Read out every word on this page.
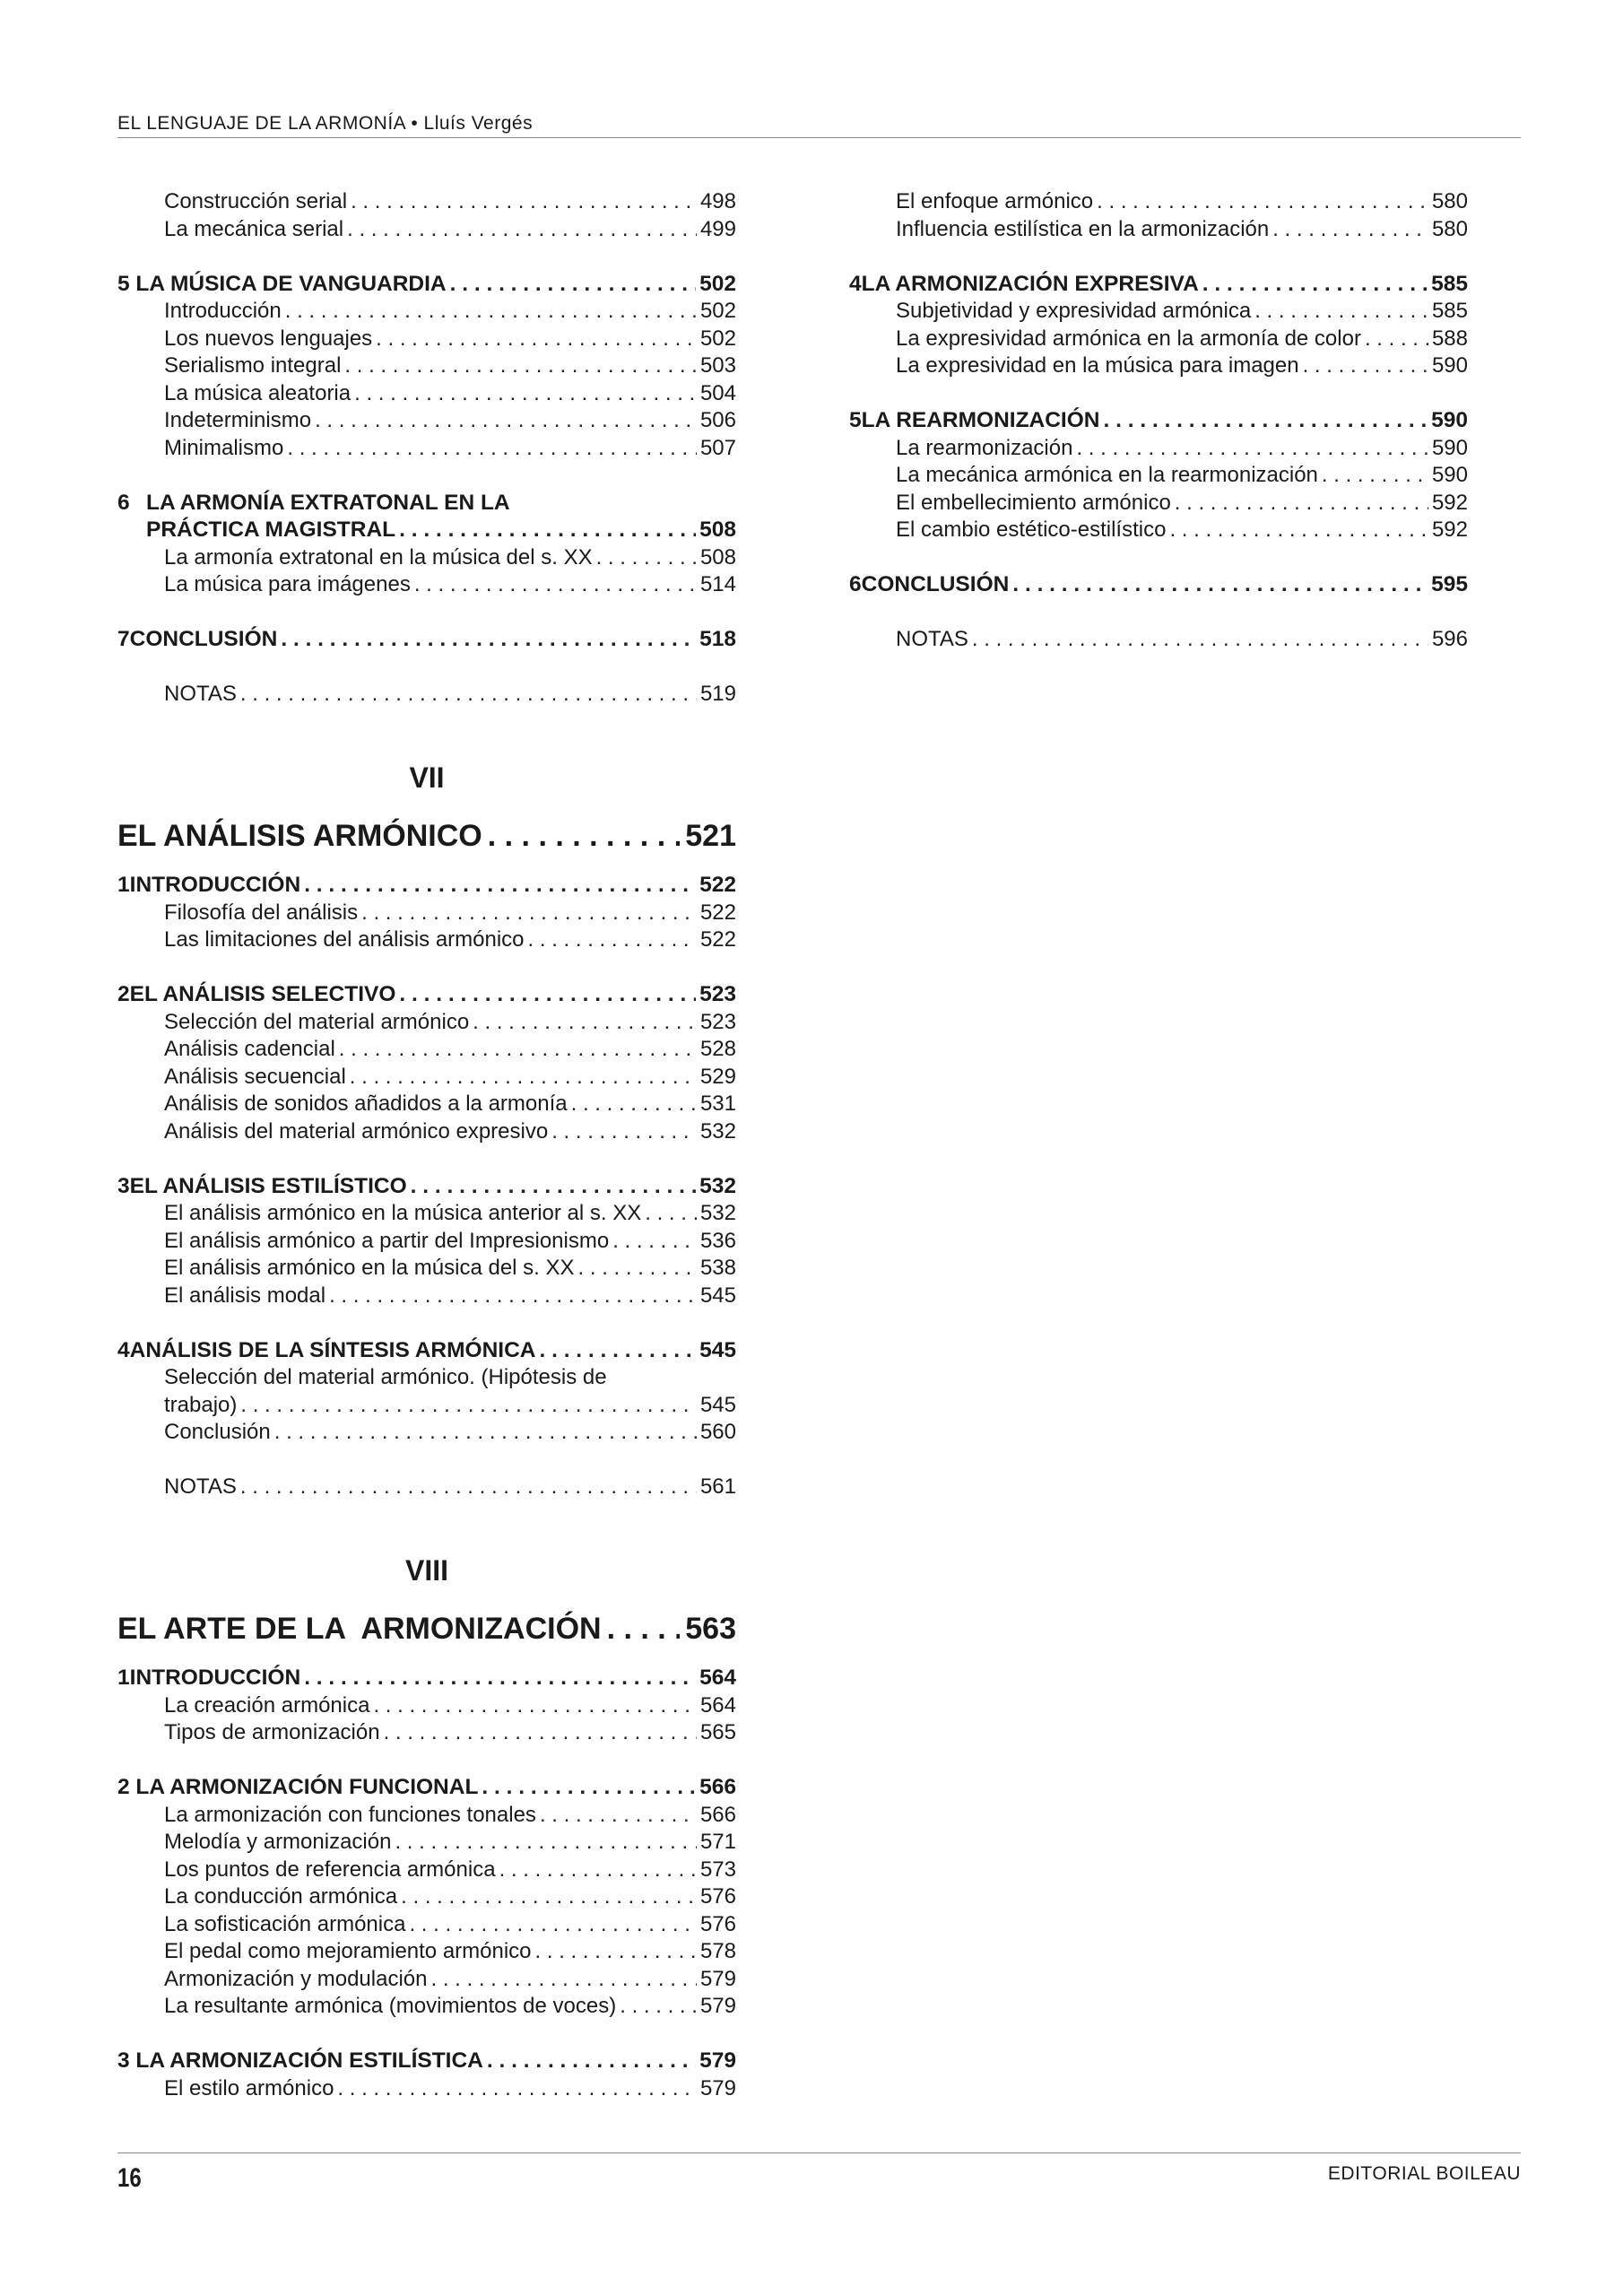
EL LENGUAJE DE LA ARMONÍA • Lluís Vergés
Construcción serial . . .	498
La mecánica serial . . .	499
5 LA MÚSICA DE VANGUARDIA . . .	502
Introducción . . .	502
Los nuevos lenguajes . . .	502
Serialismo integral . . .	503
La música aleatoria . . .	504
Indeterminismo . . .	506
Minimalismo . . .	507
6 LA ARMONÍA EXTRATONAL EN LA
PRÁCTICA MAGISTRAL . . .	508
La armonía extratonal en la música del s. XX . . .	508
La música para imágenes . . .	514
7 CONCLUSIÓN . . .	518
NOTAS . . .	519
VII
EL ANÁLISIS ARMÓNICO . . .	521
1 INTRODUCCIÓN . . .	522
Filosofía del análisis . . .	522
Las limitaciones del análisis armónico . . .	522
2 EL ANÁLISIS SELECTIVO . . .	523
Selección del material armónico . . .	523
Análisis cadencial . . .	528
Análisis secuencial . . .	529
Análisis de sonidos añadidos a la armonía . . .	531
Análisis del material armónico expresivo . . .	532
3 EL ANÁLISIS ESTILÍSTICO . . .	532
El análisis armónico en la música anterior al s. XX . . .	532
El análisis armónico a partir del Impresionismo . . .	536
El análisis armónico en la música del s. XX . . .	538
El análisis modal . . .	545
4 ANÁLISIS DE LA SÍNTESIS ARMÓNICA . . .	545
Selección del material armónico. (Hipótesis de
trabajo) . . .	545
Conclusión . . .	560
NOTAS . . .	561
VIII
EL ARTE DE LA  ARMONIZACIÓN . . .	563
1 INTRODUCCIÓN . . .	564
La creación armónica . . .	564
Tipos de armonización . . .	565
2 LA ARMONIZACIÓN FUNCIONAL . . .	566
La armonización con funciones tonales . . .	566
Melodía y armonización . . .	571
Los puntos de referencia armónica . . .	573
La conducción armónica . . .	576
La sofisticación armónica . . .	576
El pedal como mejoramiento armónico . . .	578
Armonización y modulación . . .	579
La resultante armónica (movimientos de voces) . . .	579
3 LA ARMONIZACIÓN ESTILÍSTICA . . .	579
El estilo armónico . . .	579
El enfoque armónico . . .	580
Influencia estilística en la armonización . . .	580
4 LA ARMONIZACIÓN EXPRESIVA . . .	585
Subjetividad y expresividad armónica . . .	585
La expresividad armónica en la armonía de color . . .	588
La expresividad en la música para imagen . . .	590
5 LA REARMONIZACIÓN . . .	590
La rearmonización . . .	590
La mecánica armónica en la rearmonización . . .	590
El embellecimiento armónico . . .	592
El cambio estético-estilístico . . .	592
6 CONCLUSIÓN . . .	595
NOTAS . . .	596
16	EDITORIAL BOILEAU
